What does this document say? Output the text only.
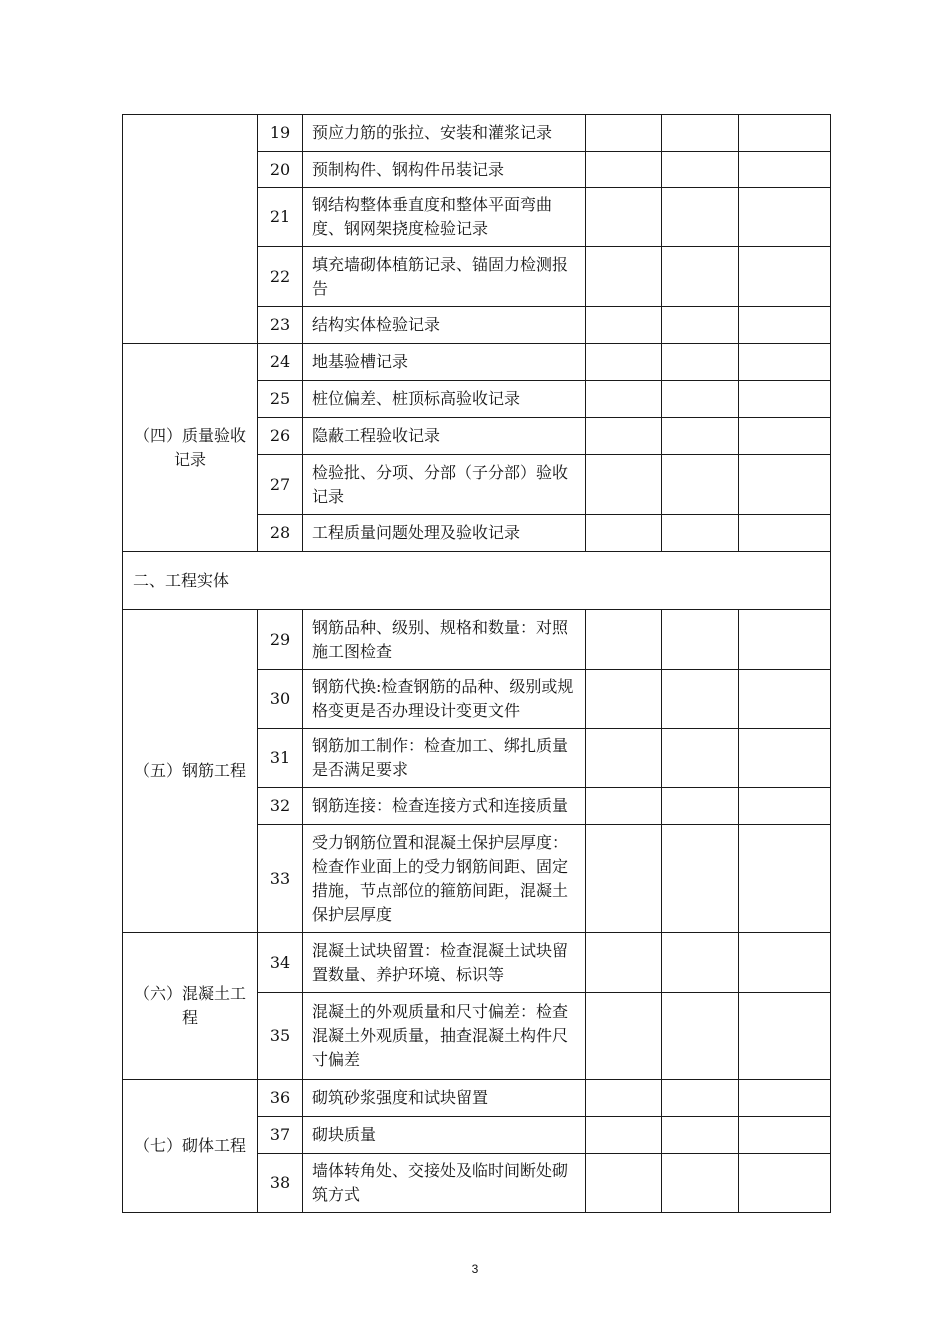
	19	预应力筋的张拉、安装和灌浆记录			
	20	预制构件、钢构件吊装记录			
	21	钢结构整体垂直度和整体平面弯曲度、钢网架挠度检验记录			
	22	填充墙砌体植筋记录、锚固力检测报告			
	23	结构实体检验记录			
（四）质量验收记录	24	地基验槽记录			
	25	桩位偏差、桩顶标高验收记录			
	26	隐蔽工程验收记录			
	27	检验批、分项、分部（子分部）验收记录			
	28	工程质量问题处理及验收记录			
二、工程实体					
（五）钢筋工程	29	钢筋品种、级别、规格和数量：对照施工图检查			
	30	钢筋代换:检查钢筋的品种、级别或规格变更是否办理设计变更文件			
	31	钢筋加工制作：检查加工、绑扎质量是否满足要求			
	32	钢筋连接：检查连接方式和连接质量			
	33	受力钢筋位置和混凝土保护层厚度：检查作业面上的受力钢筋间距、固定措施，节点部位的箍筋间距，混凝土保护层厚度			
（六）混凝土工程	34	混凝土试块留置：检查混凝土试块留置数量、养护环境、标识等			
	35	混凝土的外观质量和尺寸偏差：检查混凝土外观质量，抽查混凝土构件尺寸偏差			
（七）砌体工程	36	砌筑砂浆强度和试块留置			
	37	砌块质量			
	38	墙体转角处、交接处及临时间断处砌筑方式			
3
